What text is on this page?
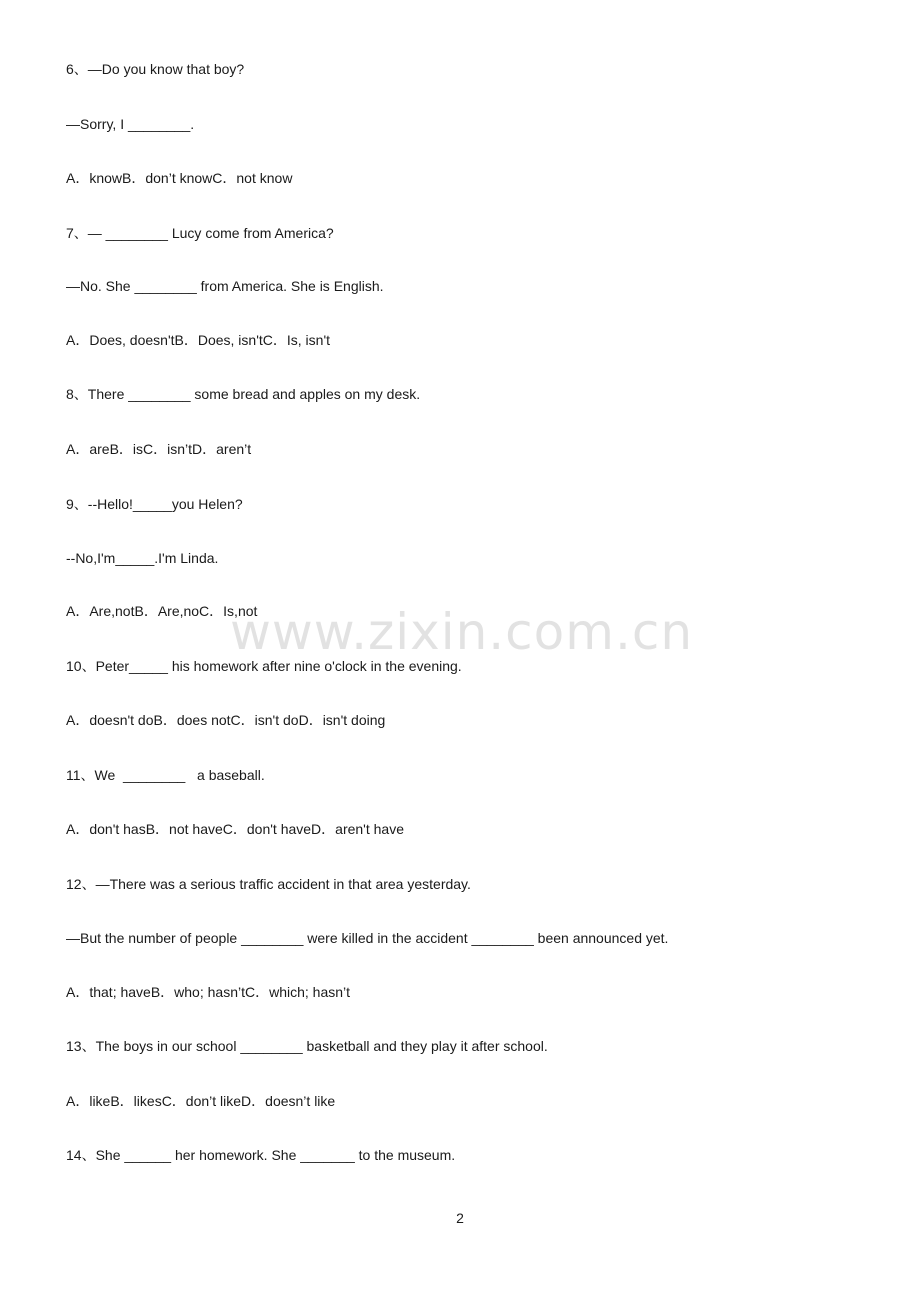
6、—Do you know that boy?
—Sorry, I ________.
A．knowB．don’t knowC．not know
7、— ________ Lucy come from America?
—No. She ________ from America. She is English.
A．Does, doesn'tB．Does, isn'tC．Is, isn't
8、There ________ some bread and apples on my desk.
A．areB．isC．isn’tD．aren’t
9、--Hello!_____you Helen?
--No,I'm_____.I'm Linda.
A．Are,notB．Are,noC．Is,not
10、Peter_____ his homework after nine o'clock in the evening.
A．doesn't doB．does notC．isn't doD．isn't doing
11、We  ________   a baseball.
A．don't hasB．not haveC．don't haveD．aren't have
12、—There was a serious traffic accident in that area yesterday.
—But the number of people ________ were killed in the accident ________ been announced yet.
A．that; haveB．who; hasn’tC．which; hasn’t
13、The boys in our school ________ basketball and they play it after school.
A．likeB．likesC．don’t likeD．doesn’t like
14、She ______ her homework. She _______ to the museum.
www.zixin.com.cn
2
